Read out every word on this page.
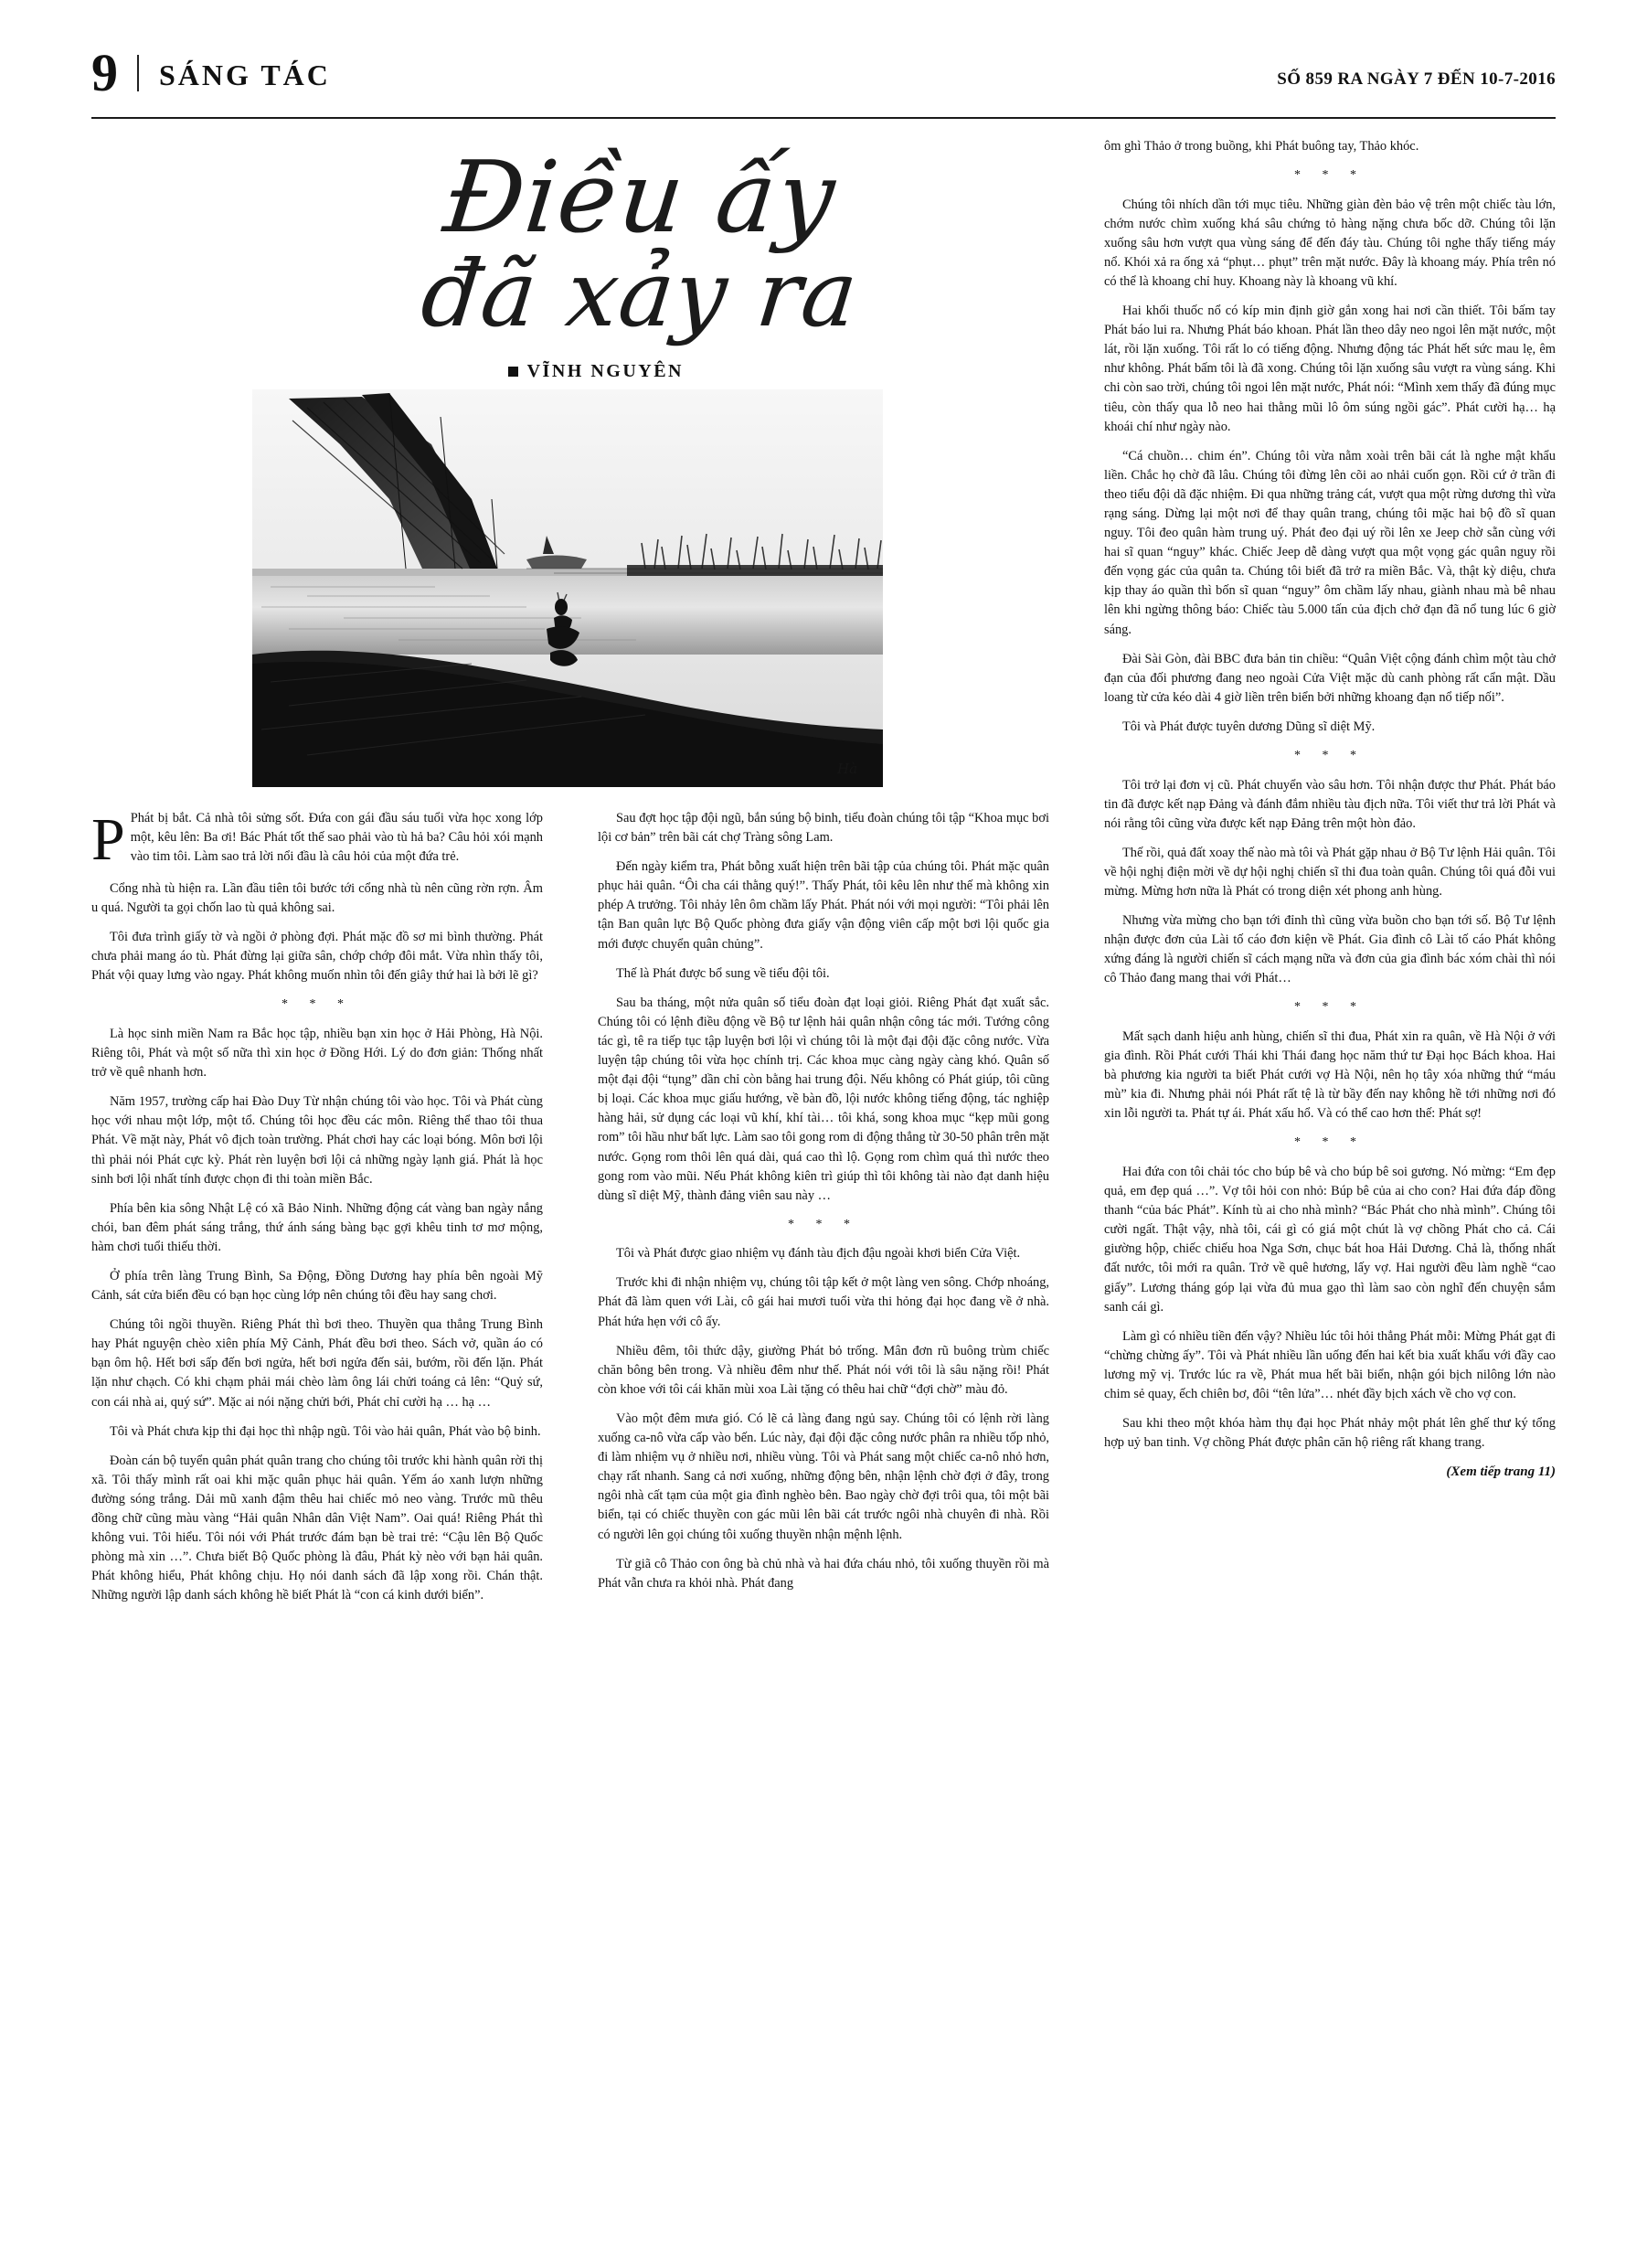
9 SÁNG TÁC	SỐ 859 RA NGÀY 7 ĐẾN 10-7-2016
Điều ấy
đã xảy ra
VĨNH NGUYÊN
Hà

P Phát bị bắt. Cả nhà tôi sửng sốt. Đứa con gái đầu sáu tuổi vừa học xong lớp một, kêu lên: Ba ơi! Bác Phát tốt thế sao phải vào tù hả ba? Câu hỏi xói mạnh vào tim tôi. Làm sao trả lời nổi đầu là câu hỏi của một đứa trẻ.

Cổng nhà tù hiện ra. Lần đầu tiên tôi bước tới cổng nhà tù nên cũng rờn rợn. Âm u quá. Người ta gọi chốn lao tù quả không sai.

Tôi đưa trình giấy tờ và ngồi ở phòng đợi. Phát mặc đồ sơ mi bình thường. Phát chưa phải mang áo tù. Phát đừng lại giữa sân, chớp chớp đôi mắt. Vừa nhìn thấy tôi, Phát vội quay lưng vào ngay. Phát không muốn nhìn tôi đến giây thứ hai là bởi lẽ gì?

* * *

Là học sinh miền Nam ra Bắc học tập, nhiều bạn xin học ở Hải Phòng, Hà Nội. Riêng tôi, Phát và một số nữa thì xin học ở Đồng Hới. Lý do đơn giản: Thống nhất trở về quê nhanh hơn.

Năm 1957, trường cấp hai Đào Duy Từ nhận chúng tôi vào học. Tôi và Phát cùng học với nhau một lớp, một tổ. Chúng tôi học đều các môn. Riêng thể thao tôi thua Phát. Về mặt này, Phát vô địch toàn trường. Phát chơi hay các loại bóng. Môn bơi lội thì phải nói Phát cực kỳ. Phát rèn luyện bơi lội cả những ngày lạnh giá. Phát là học sinh bơi lội nhất tính được chọn đi thi toàn miền Bắc.

Phía bên kia sông Nhật Lệ có xã Bảo Ninh. Những động cát vàng ban ngày nắng chói, ban đêm phát sáng trắng, thứ ánh sáng bàng bạc gợi khêu tinh tơ mơ mộng, hàm chơi tuổi thiếu thời.

Ở phía trên làng Trung Bình, Sa Động, Đồng Dương hay phía bên ngoài Mỹ Cảnh, sát cửa biển đều có bạn học cùng lớp nên chúng tôi đều hay sang chơi.

Chúng tôi ngồi thuyền. Riêng Phát thì bơi theo. Thuyền qua thẳng Trung Bình hay Phát nguyện chèo xiên phía Mỹ Cảnh, Phát đều bơi theo. Sách vở, quần áo có bạn ôm hộ. Hết bơi sấp đến bơi ngửa, hết bơi ngửa đến sải, bướm, rồi đến lặn. Phát lặn như chạch. Có khi chạm phải mái chèo làm ông lái chửi toáng cả lên: “Quỷ sứ, con cái nhà ai, quý sứ”. Mặc ai nói nặng chửi bới, Phát chỉ cười hạ … hạ …

Tôi và Phát chưa kịp thi đại học thì nhập ngũ. Tôi vào hải quân, Phát vào bộ binh.

Đoàn cán bộ tuyển quân phát quân trang cho chúng tôi trước khi hành quân rời thị xã. Tôi thấy mình rất oai khi mặc quân phục hải quân. Yếm áo xanh lượn những đường sóng trắng. Dải mũ xanh đậm thêu hai chiếc mỏ neo vàng. Trước mũ thêu đồng chữ cũng màu vàng “Hải quân Nhân dân Việt Nam”. Oai quá! Riêng Phát thì không vui. Tôi hiểu. Tôi nói với Phát trước đám bạn bè trai trẻ: “Cậu lên Bộ Quốc phòng mà xin …”. Chưa biết Bộ Quốc phòng là đâu, Phát kỳ nèo với bạn hải quân. Phát không hiểu, Phát không chịu. Họ nói danh sách đã lập xong rồi. Chán thật. Những người lập danh sách không hề biết Phát là “con cá kinh dưới biển”.

Sau đợt học tập đội ngũ, bắn súng bộ binh, tiểu đoàn chúng tôi tập “Khoa mục bơi lội cơ bản” trên bãi cát chợ Tràng sông Lam.

Đến ngày kiểm tra, Phát bỗng xuất hiện trên bãi tập của chúng tôi. Phát mặc quân phục hải quân. “Ôi cha cái thằng quý!”. Thấy Phát, tôi kêu lên như thế mà không xin phép A trưởng. Tôi nhảy lên ôm chầm lấy Phát. Phát nói với mọi người: “Tôi phải lên tận Ban quân lực Bộ Quốc phòng đưa giấy vận động viên cấp một bơi lội quốc gia mới được chuyển quân chủng”.

Thế là Phát được bổ sung về tiểu đội tôi.

Sau ba tháng, một nửa quân số tiểu đoàn đạt loại giỏi. Riêng Phát đạt xuất sắc. Chúng tôi có lệnh điều động về Bộ tư lệnh hải quân nhận công tác mới. Tướng công tác gì, tê ra tiếp tục tập luyện bơi lội vì chúng tôi là một đại đội đặc công nước. Vừa luyện tập chúng tôi vừa học chính trị. Các khoa mục càng ngày càng khó. Quân số một đại đội “tụng” dần chỉ còn bằng hai trung đội. Nếu không có Phát giúp, tôi cũng bị loại. Các khoa mục giấu hướng, về bàn đồ, lội nước không tiếng động, tác nghiệp hàng hải, sử dụng các loại vũ khí, khí tài… tôi khá, song khoa mục “kẹp mũi gong rom” tôi hầu như bất lực. Làm sao tôi gong rom di động thẳng từ 30-50 phân trên mặt nước. Gọng rom thôi lên quá dài, quá cao thì lộ. Gọng rom chìm quá thì nước theo gong rom vào mũi. Nếu Phát không kiên trì giúp thì tôi không tài nào đạt danh hiệu dùng sĩ diệt Mỹ, thành đảng viên sau này …

* * *

Tôi và Phát được giao nhiệm vụ đánh tàu địch đậu ngoài khơi biển Cửa Việt.

Trước khi đi nhận nhiệm vụ, chúng tôi tập kết ở một làng ven sông. Chớp nhoáng, Phát đã làm quen với Lài, cô gái hai mươi tuổi vừa thi hỏng đại học đang về ở nhà. Phát hứa hẹn với cô ấy.

Nhiều đêm, tôi thức dậy, giường Phát bỏ trống. Mân đơn rũ buông trùm chiếc chăn bông bên trong. Và nhiều đêm như thế. Phát nói với tôi là sâu nặng rồi! Phát còn khoe với tôi cái khăn mùi xoa Lài tặng có thêu hai chữ “đợi chờ” màu đỏ.

Vào một đêm mưa gió. Có lẽ cả làng đang ngủ say. Chúng tôi có lệnh rời làng xuống ca-nô vừa cấp vào bến. Lúc này, đại đội đặc công nước phân ra nhiều tốp nhỏ, đi làm nhiệm vụ ở nhiều nơi, nhiều vùng. Tôi và Phát sang một chiếc ca-nô nhỏ hơn, chạy rất nhanh. Sang cả nơi xuống, những động bên, nhận lệnh chờ đợi ở đây, trong ngôi nhà cất tạm của một gia đình nghèo bên. Bao ngày chờ đợi trôi qua, tôi một bãi biển, tại có chiếc thuyền con gác mũi lên bãi cát trước ngôi nhà chuyên đi nhà. Rồi có người lên gọi chúng tôi xuống thuyền nhận mệnh lệnh.

Từ giã cô Thảo con ông bà chủ nhà và hai đứa cháu nhỏ, tôi xuống thuyền rồi mà Phát vẫn chưa ra khỏi nhà. Phát đang

ôm ghì Thảo ở trong buồng, khi Phát buông tay, Thảo khóc.

* * *

Chúng tôi nhích dần tới mục tiêu. Những giàn đèn bảo vệ trên một chiếc tàu lớn, chớm nước chìm xuống khá sâu chứng tỏ hàng nặng chưa bốc dỡ. Chúng tôi lặn xuống sâu hơn vượt qua vùng sáng để đến đáy tàu. Chúng tôi nghe thấy tiếng máy nổ. Khói xả ra ống xả “phụt… phụt” trên mặt nước. Đây là khoang máy. Phía trên nó có thể là khoang chỉ huy. Khoang này là khoang vũ khí.

Hai khối thuốc nổ có kíp min định giờ gắn xong hai nơi cần thiết. Tôi bấm tay Phát báo lui ra. Nhưng Phát báo khoan. Phát lần theo dây neo ngoi lên mặt nước, một lát, rồi lặn xuống. Tôi rất lo có tiếng động. Nhưng động tác Phát hết sức mau lẹ, êm như không. Phát bấm tôi là đã xong. Chúng tôi lặn xuống sâu vượt ra vùng sáng. Khi chi còn sao trời, chúng tôi ngoi lên mặt nước, Phát nói: “Mình xem thấy đã đúng mục tiêu, còn thấy qua lỗ neo hai thằng mũi lô ôm súng ngồi gác”. Phát cười hạ… hạ khoái chí như ngày nào.

“Cá chuồn… chim én”. Chúng tôi vừa nằm xoài trên bãi cát là nghe mật khẩu liền. Chắc họ chờ đã lâu. Chúng tôi đừng lên cõi ao nhải cuốn gọn. Rồi cứ ở trần đi theo tiểu đội dã đặc nhiệm. Đi qua những trảng cát, vượt qua một rừng dương thì vừa rạng sáng. Dừng lại một nơi để thay quân trang, chúng tôi mặc hai bộ đồ sĩ quan nguy. Tôi đeo quân hàm trung uý. Phát đeo đại uý rồi lên xe Jeep chờ sẵn cùng với hai sĩ quan “nguy” khác. Chiếc Jeep dễ dàng vượt qua một vọng gác quân nguy rồi đến vọng gác của quân ta. Chúng tôi biết đã trở ra miền Bắc. Và, thật kỳ diệu, chưa kịp thay áo quần thì bốn sĩ quan “nguy” ôm chầm lấy nhau, giành nhau mà bê nhau lên khi ngừng thông báo: Chiếc tàu 5.000 tấn của địch chở đạn đã nổ tung lúc 6 giờ sáng.

Đài Sài Gòn, đài BBC đưa bản tin chiều: “Quân Việt cộng đánh chìm một tàu chở đạn của đối phương đang neo ngoài Cửa Việt mặc dù canh phòng rất cẩn mật. Dầu loang từ cửa kéo dài 4 giờ liền trên biển bởi những khoang đạn nổ tiếp nối”.

Tôi và Phát được tuyên dương Dũng sĩ diệt Mỹ.

* * *

Tôi trở lại đơn vị cũ. Phát chuyển vào sâu hơn. Tôi nhận được thư Phát. Phát báo tin đã được kết nạp Đảng và đánh đắm nhiều tàu địch nữa. Tôi viết thư trả lời Phát và nói rằng tôi cũng vừa được kết nạp Đảng trên một hòn đảo.

Thế rồi, quả đất xoay thế nào mà tôi và Phát gặp nhau ở Bộ Tư lệnh Hải quân. Tôi về hội nghị điện mời về dự hội nghị chiến sĩ thi đua toàn quân. Chúng tôi quá đỗi vui mừng. Mừng hơn nữa là Phát có trong diện xét phong anh hùng.

Nhưng vừa mừng cho bạn tới đỉnh thì cũng vừa buồn cho bạn tới số. Bộ Tư lệnh nhận được đơn của Lài tố cáo đơn kiện về Phát. Gia đình cô Lài tố cáo Phát không xứng đáng là người chiến sĩ cách mạng nữa và đơn của gia đình bác xóm chài thì nói cô Thảo đang mang thai với Phát…

* * *

Mất sạch danh hiệu anh hùng, chiến sĩ thi đua, Phát xin ra quân, về Hà Nội ở với gia đình. Rồi Phát cưới Thái khi Thái đang học năm thứ tư Đại học Bách khoa. Hai bà phương kia người ta biết Phát cưới vợ Hà Nội, nên họ tây xóa những thứ “máu mù” kia đi. Nhưng phải nói Phát rất tệ là từ bầy đến nay không hề tới những nơi đó xin lỗi người ta. Phát tự ái. Phát xấu hổ. Và có thể cao hơn thế: Phát sợ!

* * *

Hai đứa con tôi chải tóc cho búp bê và cho búp bê soi gương. Nó mừng: “Em đẹp quả, em đẹp quá …”. Vợ tôi hỏi con nhỏ: Búp bê của ai cho con? Hai đứa đáp đồng thanh “của bác Phát”. Kính tù ai cho nhà mình? “Bác Phát cho nhà mình”. Chúng tôi cười ngất. Thật vậy, nhà tôi, cái gì có giá một chút là vợ chồng Phát cho cả. Cái giường hộp, chiếc chiếu hoa Nga Sơn, chục bát hoa Hải Dương. Chả là, thống nhất đất nước, tôi mới ra quân. Trở về quê hương, lấy vợ. Hai người đều làm nghề “cao giấy”. Lương tháng góp lại vừa đủ mua gạo thì làm sao còn nghĩ đến chuyện sắm sanh cái gì.

Làm gì có nhiều tiền đến vậy? Nhiều lúc tôi hỏi thẳng Phát mỗi: Mừng Phát gạt đi “chừng chừng ấy”. Tôi và Phát nhiều lần uống đến hai kết bia xuất khẩu với đầy cao lương mỹ vị. Trước lúc ra về, Phát mua hết bãi biển, nhận gói bịch nilông lớn nào chim sẻ quay, ếch chiên bơ, đôi “tên lửa”… nhét đầy bịch xách về cho vợ con.

Sau khi theo một khóa hàm thụ đại học Phát nhảy một phát lên ghế thư ký tổng hợp uỷ ban tinh. Vợ chồng Phát được phân căn hộ riêng rất khang trang.

(Xem tiếp trang 11)
